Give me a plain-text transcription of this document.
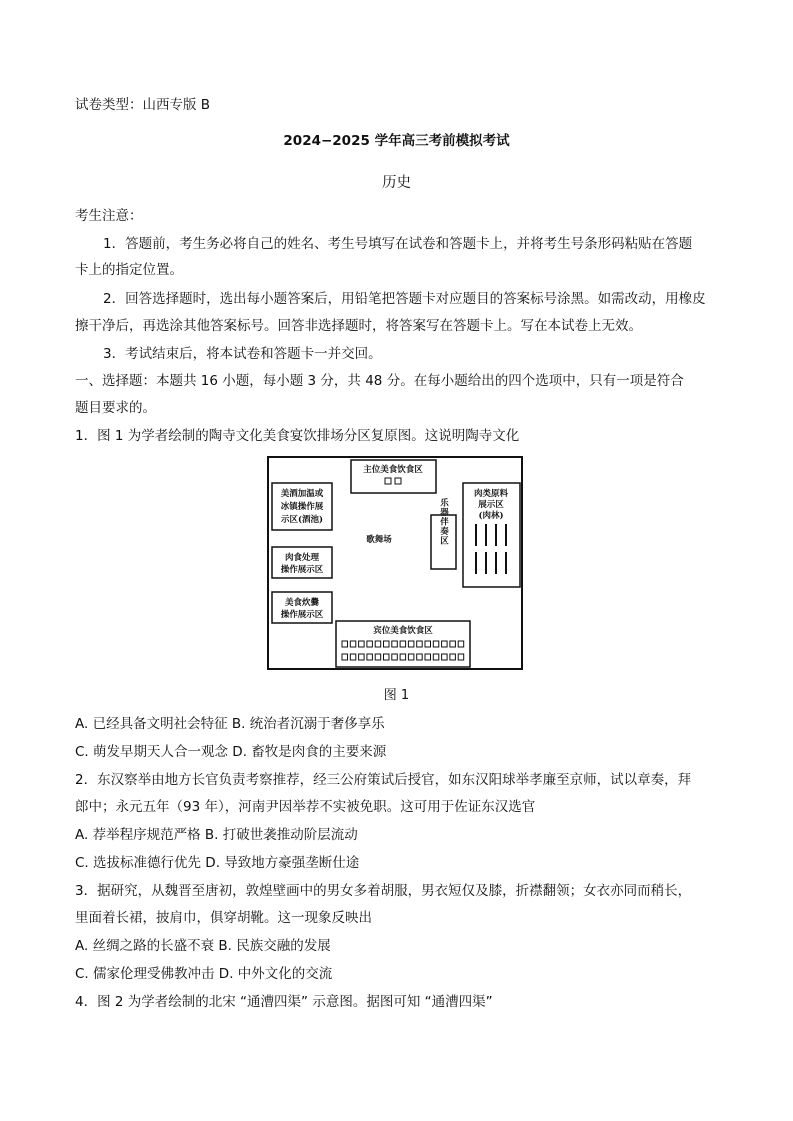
试卷类型：山西专版 B
2024−2025 学年高三考前模拟考试
历史
考生注意：
1．答题前，考生务必将自己的姓名、考生号填写在试卷和答题卡上，并将考生号条形码粘贴在答题
卡上的指定位置。
2．回答选择题时，选出每小题答案后，用铅笔把答题卡对应题目的答案标号涂黑。如需改动，用橡皮
擦干净后，再选涂其他答案标号。回答非选择题时，将答案写在答题卡上。写在本试卷上无效。
3．考试结束后，将本试卷和答题卡一并交回。
一、选择题：本题共 16 小题，每小题 3 分，共 48 分。在每小题给出的四个选项中，只有一项是符合
题目要求的。
1．图 1 为学者绘制的陶寺文化美食宴饮排场分区复原图。这说明陶寺文化
主位美食饮食区
美酒加温或
冰镇操作展
示区(酒池)
肉食处理
操作展示区
美食炊爨
操作展示区
歌舞场	乐器伴奏区
肉类原料
展示区
(肉林)
宾位美食饮食区
图 1
A. 已经具备文明社会特征 B. 统治者沉溺于奢侈享乐
C. 萌发早期天人合一观念 D. 畜牧是肉食的主要来源
2．东汉察举由地方长官负责考察推荐，经三公府策试后授官，如东汉阳球举孝廉至京师，试以章奏，拜
郎中；永元五年（93 年），河南尹因举荐不实被免职。这可用于佐证东汉选官
A. 荐举程序规范严格 B. 打破世袭推动阶层流动
C. 选拔标准德行优先 D. 导致地方豪强垄断仕途
3．据研究，从魏晋至唐初，敦煌壁画中的男女多着胡服，男衣短仅及膝，折襟翻领；女衣亦同而稍长，
里面着长裙，披肩巾，俱穿胡靴。这一现象反映出
A. 丝绸之路的长盛不衰 B. 民族交融的发展
C. 儒家伦理受佛教冲击 D. 中外文化的交流
4．图 2 为学者绘制的北宋 “通漕四渠” 示意图。据图可知 “通漕四渠”
